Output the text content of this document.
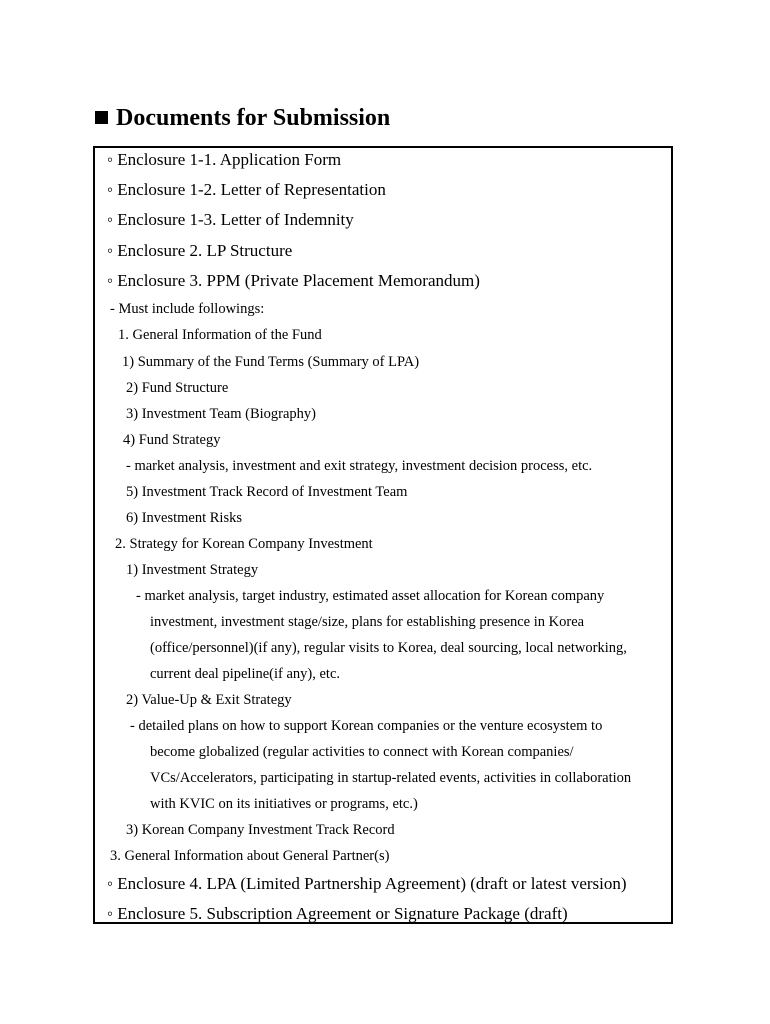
Documents for Submission
◦ Enclosure 1-1. Application Form
◦ Enclosure 1-2. Letter of Representation
◦ Enclosure 1-3. Letter of Indemnity
◦ Enclosure 2. LP Structure
◦ Enclosure 3. PPM (Private Placement Memorandum)
- Must include followings:
1. General Information of the Fund
1) Summary of the Fund Terms (Summary of LPA)
2) Fund Structure
3) Investment Team (Biography)
4) Fund Strategy
- market analysis, investment and exit strategy, investment decision process, etc.
5) Investment Track Record of Investment Team
6) Investment Risks
2. Strategy for Korean Company Investment
1) Investment Strategy
- market analysis, target industry, estimated asset allocation for Korean company
investment, investment stage/size, plans for establishing presence in Korea
(office/personnel)(if any), regular visits to Korea, deal sourcing, local networking,
current deal pipeline(if any), etc.
2) Value-Up & Exit Strategy
- detailed plans on how to support Korean companies or the venture ecosystem to
become globalized (regular activities to connect with Korean companies/
VCs/Accelerators, participating in startup-related events, activities in collaboration
with KVIC on its initiatives or programs, etc.)
3) Korean Company Investment Track Record
3. General Information about General Partner(s)
◦ Enclosure 4. LPA (Limited Partnership Agreement) (draft or latest version)
◦ Enclosure 5. Subscription Agreement or Signature Package (draft)
